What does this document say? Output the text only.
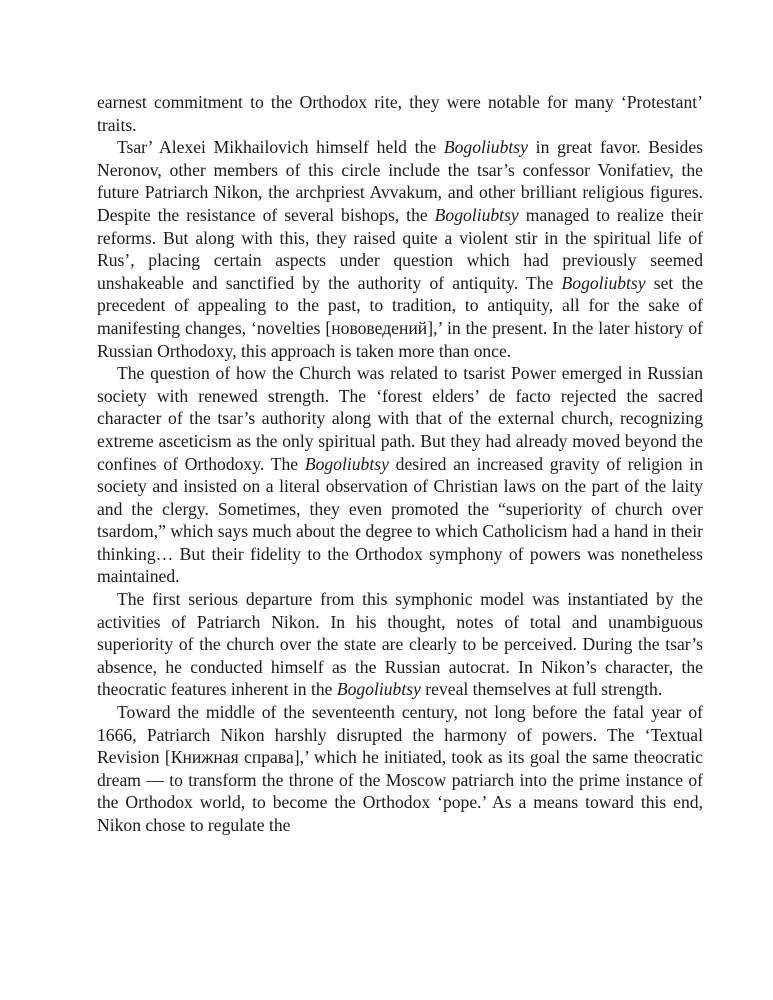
earnest commitment to the Orthodox rite, they were notable for many ‘Protestant’ traits.

Tsar’ Alexei Mikhailovich himself held the Bogoliubtsy in great favor. Besides Neronov, other members of this circle include the tsar’s confessor Vonifatiev, the future Patriarch Nikon, the archpriest Avvakum, and other brilliant religious figures. Despite the resistance of several bishops, the Bogoliubtsy managed to realize their reforms. But along with this, they raised quite a violent stir in the spiritual life of Rus’, placing certain aspects under question which had previously seemed unshakeable and sanctified by the authority of antiquity. The Bogoliubtsy set the precedent of appealing to the past, to tradition, to antiquity, all for the sake of manifesting changes, ‘novelties [нововедений],’ in the present. In the later history of Russian Orthodoxy, this approach is taken more than once.

The question of how the Church was related to tsarist Power emerged in Russian society with renewed strength. The ‘forest elders’ de facto rejected the sacred character of the tsar’s authority along with that of the external church, recognizing extreme asceticism as the only spiritual path. But they had already moved beyond the confines of Orthodoxy. The Bogoliubtsy desired an increased gravity of religion in society and insisted on a literal observation of Christian laws on the part of the laity and the clergy. Sometimes, they even promoted the “superiority of church over tsardom,” which says much about the degree to which Catholicism had a hand in their thinking… But their fidelity to the Orthodox symphony of powers was nonetheless maintained.

The first serious departure from this symphonic model was instantiated by the activities of Patriarch Nikon. In his thought, notes of total and unambiguous superiority of the church over the state are clearly to be perceived. During the tsar’s absence, he conducted himself as the Russian autocrat. In Nikon’s character, the theocratic features inherent in the Bogoliubtsy reveal themselves at full strength.

Toward the middle of the seventeenth century, not long before the fatal year of 1666, Patriarch Nikon harshly disrupted the harmony of powers. The ‘Textual Revision [Книжная справа],’ which he initiated, took as its goal the same theocratic dream — to transform the throne of the Moscow patriarch into the prime instance of the Orthodox world, to become the Orthodox ‘pope.’ As a means toward this end, Nikon chose to regulate the
